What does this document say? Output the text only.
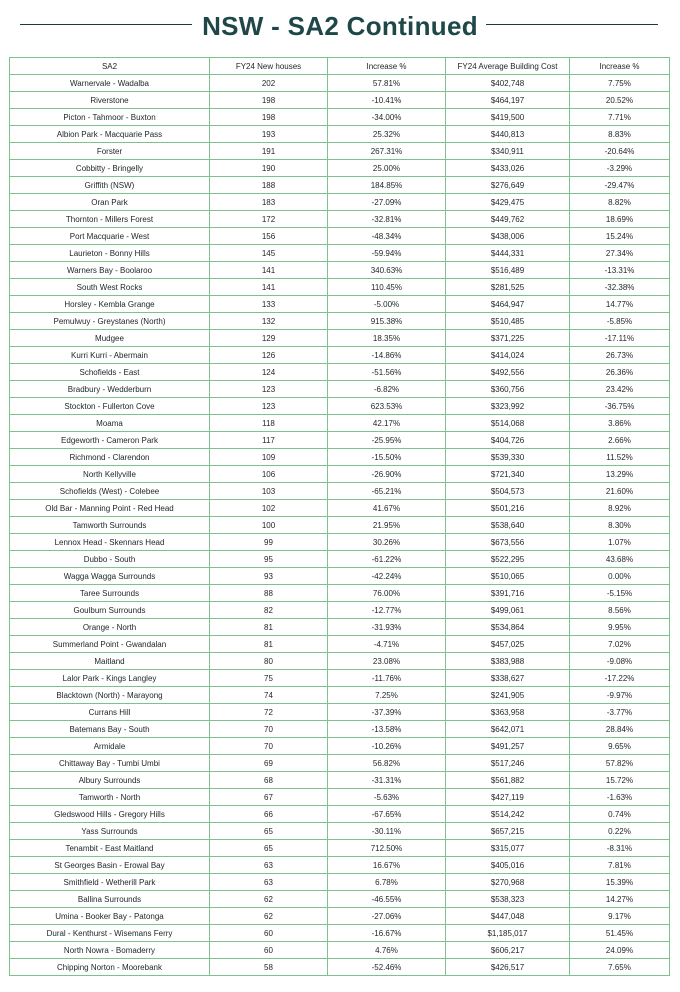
NSW - SA2 Continued
SA2	FY24 New houses	Increase %	FY24 Average Building Cost	Increase %
Warnervale - Wadalba	202	57.81%	$402,748	7.75%
Riverstone	198	-10.41%	$464,197	20.52%
Picton - Tahmoor - Buxton	198	-34.00%	$419,500	7.71%
Albion Park - Macquarie Pass	193	25.32%	$440,813	8.83%
Forster	191	267.31%	$340,911	-20.64%
Cobbitty - Bringelly	190	25.00%	$433,026	-3.29%
Griffith (NSW)	188	184.85%	$276,649	-29.47%
Oran Park	183	-27.09%	$429,475	8.82%
Thornton - Millers Forest	172	-32.81%	$449,762	18.69%
Port Macquarie - West	156	-48.34%	$438,006	15.24%
Laurieton - Bonny Hills	145	-59.94%	$444,331	27.34%
Warners Bay - Boolaroo	141	340.63%	$516,489	-13.31%
South West Rocks	141	110.45%	$281,525	-32.38%
Horsley - Kembla Grange	133	-5.00%	$464,947	14.77%
Pemulwuy - Greystanes (North)	132	915.38%	$510,485	-5.85%
Mudgee	129	18.35%	$371,225	-17.11%
Kurri Kurri - Abermain	126	-14.86%	$414,024	26.73%
Schofields - East	124	-51.56%	$492,556	26.36%
Bradbury - Wedderburn	123	-6.82%	$360,756	23.42%
Stockton - Fullerton Cove	123	623.53%	$323,992	-36.75%
Moama	118	42.17%	$514,068	3.86%
Edgeworth - Cameron Park	117	-25.95%	$404,726	2.66%
Richmond - Clarendon	109	-15.50%	$539,330	11.52%
North Kellyville	106	-26.90%	$721,340	13.29%
Schofields (West) - Colebee	103	-65.21%	$504,573	21.60%
Old Bar - Manning Point - Red Head	102	41.67%	$501,216	8.92%
Tamworth Surrounds	100	21.95%	$538,640	8.30%
Lennox Head - Skennars Head	99	30.26%	$673,556	1.07%
Dubbo - South	95	-61.22%	$522,295	43.68%
Wagga Wagga Surrounds	93	-42.24%	$510,065	0.00%
Taree Surrounds	88	76.00%	$391,716	-5.15%
Goulburn Surrounds	82	-12.77%	$499,061	8.56%
Orange - North	81	-31.93%	$534,864	9.95%
Summerland Point - Gwandalan	81	-4.71%	$457,025	7.02%
Maitland	80	23.08%	$383,988	-9.08%
Lalor Park - Kings Langley	75	-11.76%	$338,627	-17.22%
Blacktown (North) - Marayong	74	7.25%	$241,905	-9.97%
Currans Hill	72	-37.39%	$363,958	-3.77%
Batemans Bay - South	70	-13.58%	$642,071	28.84%
Armidale	70	-10.26%	$491,257	9.65%
Chittaway Bay - Tumbi Umbi	69	56.82%	$517,246	57.82%
Albury Surrounds	68	-31.31%	$561,882	15.72%
Tamworth - North	67	-5.63%	$427,119	-1.63%
Gledswood Hills - Gregory Hills	66	-67.65%	$514,242	0.74%
Yass Surrounds	65	-30.11%	$657,215	0.22%
Tenambit - East Maitland	65	712.50%	$315,077	-8.31%
St Georges Basin - Erowal Bay	63	16.67%	$405,016	7.81%
Smithfield - Wetherill Park	63	6.78%	$270,968	15.39%
Ballina Surrounds	62	-46.55%	$538,323	14.27%
Umina - Booker Bay - Patonga	62	-27.06%	$447,048	9.17%
Dural - Kenthurst - Wisemans Ferry	60	-16.67%	$1,185,017	51.45%
North Nowra - Bomaderry	60	4.76%	$606,217	24.09%
Chipping Norton - Moorebank	58	-52.46%	$426,517	7.65%
